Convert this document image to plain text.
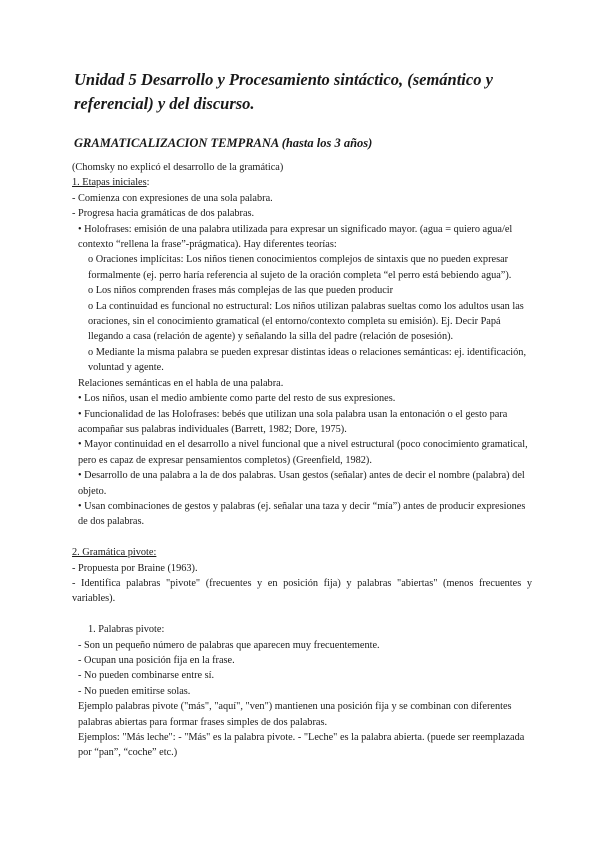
Unidad 5 Desarrollo y Procesamiento sintáctico, (semántico y referencial) y del discurso.
GRAMATICALIZACION TEMPRANA (hasta los 3 años)

(Chomsky no explicó el desarrollo de la gramática)

1. Etapas iniciales:

- Comienza con expresiones de una sola palabra.

- Progresa hacia gramáticas de dos palabras.

• Holofrases: emisión de una palabra utilizada para expresar un significado mayor. (agua = quiero agua/el contexto “rellena la frase”-prágmatica). Hay diferentes teorías:

o Oraciones implícitas: Los niños tienen conocimientos complejos de sintaxis que no pueden expresar formalmente (ej. perro haría referencia al sujeto de la oración completa “el perro está bebiendo agua”).

o Los niños comprenden frases más complejas de las que pueden producir

o La continuidad es funcional no estructural: Los niños utilizan palabras sueltas como los adultos usan las oraciones, sin el conocimiento gramatical (el entorno/contexto completa su emisión). Ej. Decir Papá llegando a casa (relación de agente) y señalando la silla del padre (relación de posesión).

o Mediante la misma palabra se pueden expresar distintas ideas o relaciones semánticas: ej. identificación, voluntad y agente.

Relaciones semánticas en el habla de una palabra.

• Los niños, usan el medio ambiente como parte del resto de sus expresiones.

• Funcionalidad de las Holofrases: bebés que utilizan una sola palabra usan la entonación o el gesto para acompañar sus palabras individuales (Barrett, 1982; Dore, 1975).

• Mayor continuidad en el desarrollo a nivel funcional que a nivel estructural (poco conocimiento gramatical, pero es capaz de expresar pensamientos completos) (Greenfield, 1982).

• Desarrollo de una palabra a la de dos palabras. Usan gestos (señalar) antes de decir el nombre (palabra) del objeto.

• Usan combinaciones de gestos y palabras (ej. señalar una taza y decir “mía”) antes de producir expresiones de dos palabras.

2. Gramática pivote:

- Propuesta por Braine (1963).

- Identifica palabras "pivote" (frecuentes y en posición fija) y palabras "abiertas" (menos frecuentes y variables).

1. Palabras pivote:

- Son un pequeño número de palabras que aparecen muy frecuentemente.

- Ocupan una posición fija en la frase.

- No pueden combinarse entre sí.

- No pueden emitirse solas.

Ejemplo palabras pivote ("más", "aquí", "ven") mantienen una posición fija y se combinan con diferentes palabras abiertas para formar frases simples de dos palabras.

Ejemplos: "Más leche": - "Más" es la palabra pivote. - "Leche" es la palabra abierta. (puede ser reemplazada por “pan”, “coche” etc.)
